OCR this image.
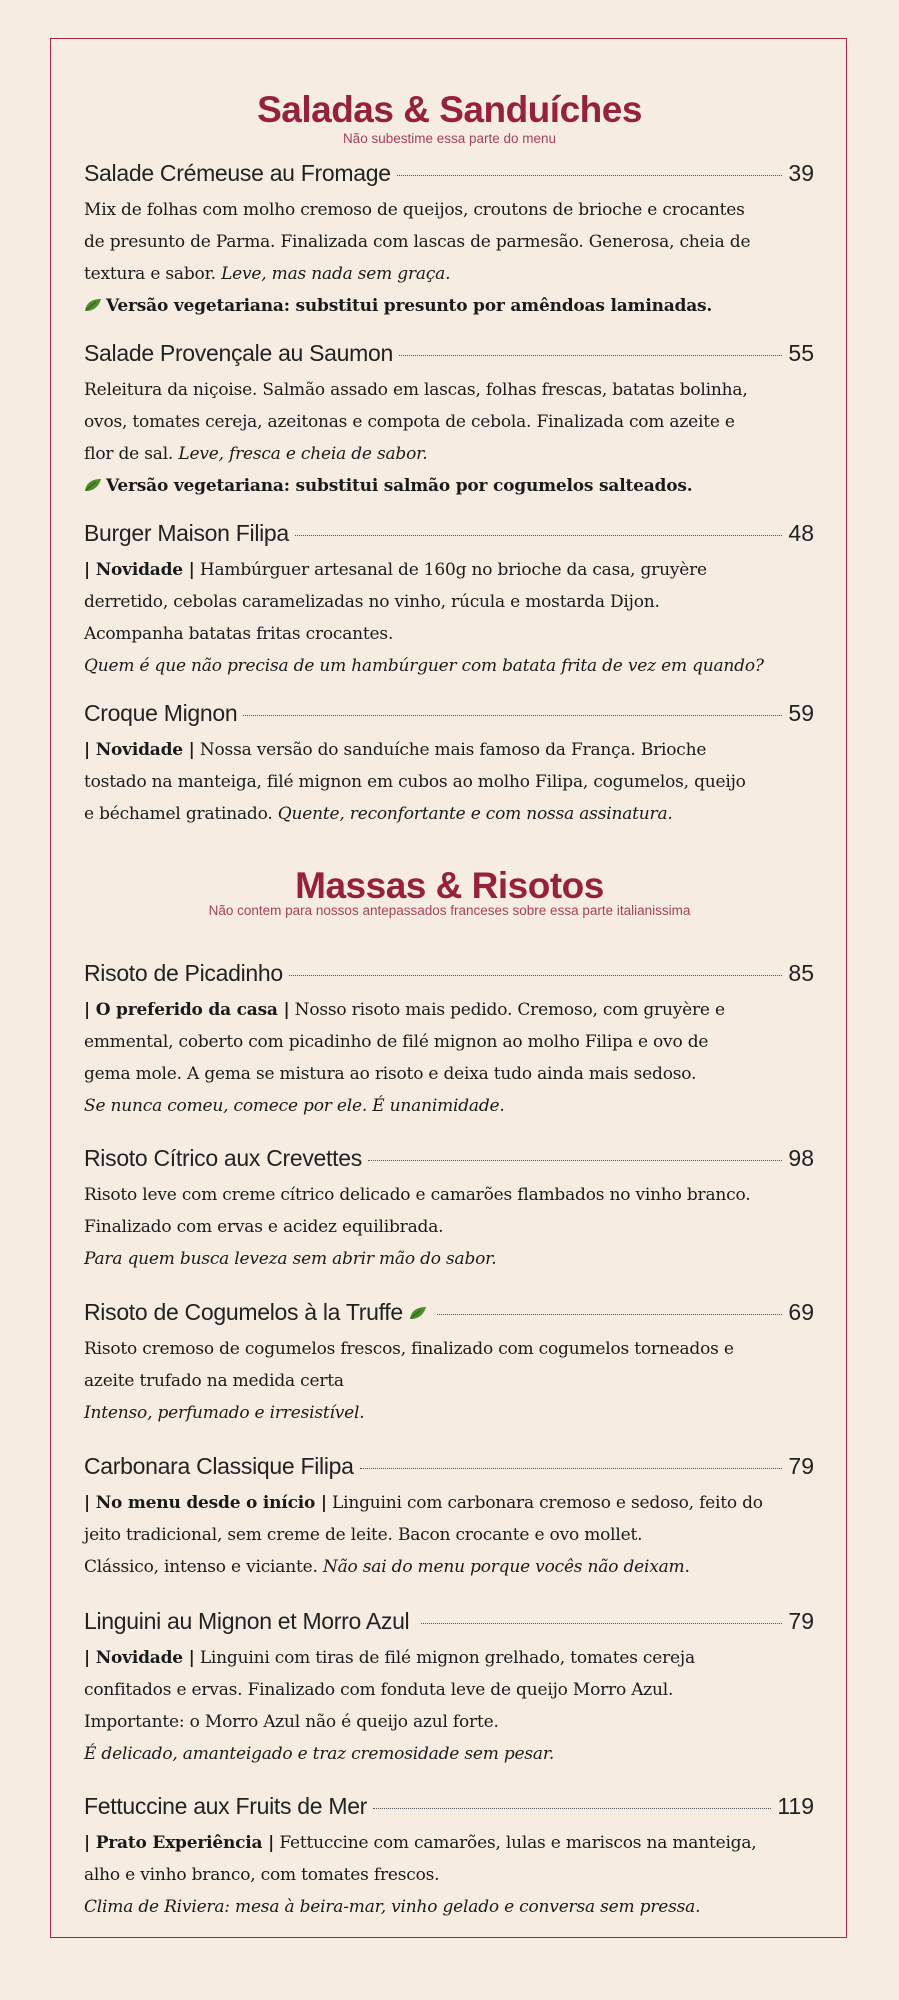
Saladas & Sanduíches
Não subestime essa parte do menu
Salade Crémeuse au Fromage	39
Mix de folhas com molho cremoso de queijos, croutons de brioche e crocantes
de presunto de Parma. Finalizada com lascas de parmesão. Generosa, cheia de
textura e sabor. Leve, mas nada sem graça.
Versão vegetariana: substitui presunto por amêndoas laminadas.
Salade Provençale au Saumon	55
Releitura da niçoise. Salmão assado em lascas, folhas frescas, batatas bolinha,
ovos, tomates cereja, azeitonas e compota de cebola. Finalizada com azeite e
flor de sal. Leve, fresca e cheia de sabor.
Versão vegetariana: substitui salmão por cogumelos salteados.
Burger Maison Filipa	48
| Novidade | Hambúrguer artesanal de 160g no brioche da casa, gruyère
derretido, cebolas caramelizadas no vinho, rúcula e mostarda Dijon.
Acompanha batatas fritas crocantes.
Quem é que não precisa de um hambúrguer com batata frita de vez em quando?
Croque Mignon	59
| Novidade | Nossa versão do sanduíche mais famoso da França. Brioche
tostado na manteiga, filé mignon em cubos ao molho Filipa, cogumelos, queijo
e béchamel gratinado. Quente, reconfortante e com nossa assinatura.
Massas & Risotos
Não contem para nossos antepassados franceses sobre essa parte italianissima
Risoto de Picadinho	85
| O preferido da casa | Nosso risoto mais pedido. Cremoso, com gruyère e
emmental, coberto com picadinho de filé mignon ao molho Filipa e ovo de
gema mole. A gema se mistura ao risoto e deixa tudo ainda mais sedoso.
Se nunca comeu, comece por ele. É unanimidade.
Risoto Cítrico aux Crevettes	98
Risoto leve com creme cítrico delicado e camarões flambados no vinho branco.
Finalizado com ervas e acidez equilibrada.
Para quem busca leveza sem abrir mão do sabor.
Risoto de Cogumelos à la Truffe	69
Risoto cremoso de cogumelos frescos, finalizado com cogumelos torneados e
azeite trufado na medida certa
Intenso, perfumado e irresistível.
Carbonara Classique Filipa	79
| No menu desde o início | Linguini com carbonara cremoso e sedoso, feito do
jeito tradicional, sem creme de leite. Bacon crocante e ovo mollet.
Clássico, intenso e viciante. Não sai do menu porque vocês não deixam.
Linguini au Mignon et Morro Azul	79
| Novidade | Linguini com tiras de filé mignon grelhado, tomates cereja
confitados e ervas. Finalizado com fonduta leve de queijo Morro Azul.
Importante: o Morro Azul não é queijo azul forte.
É delicado, amanteigado e traz cremosidade sem pesar.
Fettuccine aux Fruits de Mer	119
| Prato Experiência | Fettuccine com camarões, lulas e mariscos na manteiga,
alho e vinho branco, com tomates frescos.
Clima de Riviera: mesa à beira-mar, vinho gelado e conversa sem pressa.
